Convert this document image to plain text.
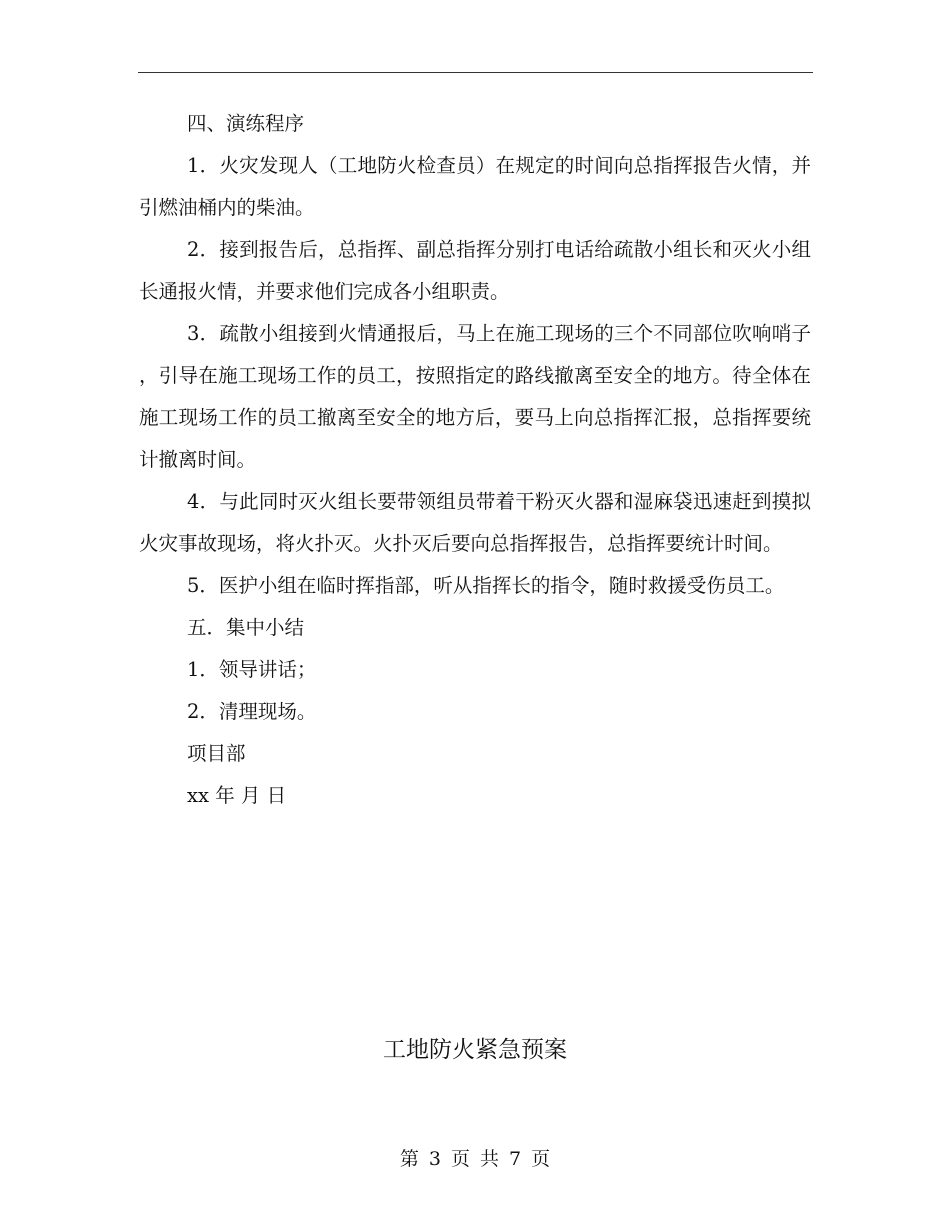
四、演练程序

1．火灾发现人（工地防火检查员）在规定的时间向总指挥报告火情，并引燃油桶内的柴油。

2．接到报告后，总指挥、副总指挥分别打电话给疏散小组长和灭火小组长通报火情，并要求他们完成各小组职责。

3．疏散小组接到火情通报后，马上在施工现场的三个不同部位吹响哨子，引导在施工现场工作的员工，按照指定的路线撤离至安全的地方。待全体在施工现场工作的员工撤离至安全的地方后，要马上向总指挥汇报，总指挥要统计撤离时间。

4．与此同时灭火组长要带领组员带着干粉灭火器和湿麻袋迅速赶到摸拟火灾事故现场，将火扑灭。火扑灭后要向总指挥报告，总指挥要统计时间。

5．医护小组在临时挥指部，听从指挥长的指令，随时救援受伤员工。

五．集中小结

1．领导讲话；

2．清理现场。

项目部

xx 年 月 日

工地防火紧急预案
第 3 页 共 7 页
